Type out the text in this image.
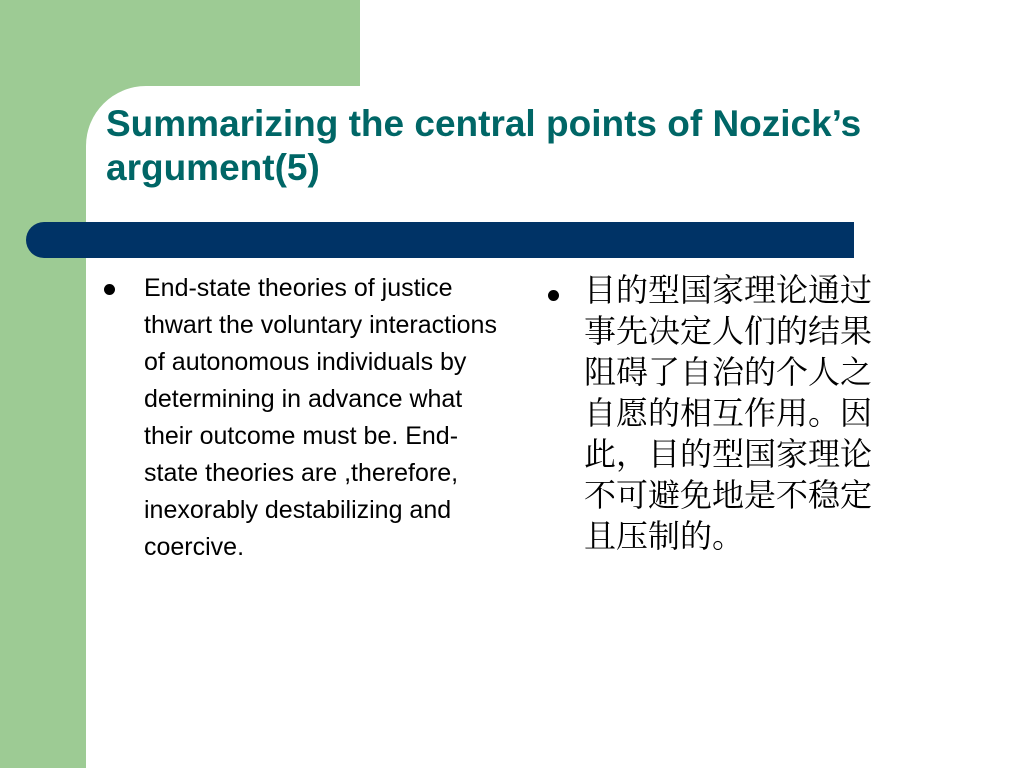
Summarizing the central points of Nozick’s argument(5)
End-state theories of justice thwart the voluntary interactions of autonomous individuals by determining in advance what their outcome must be. End-state theories are ,therefore, inexorably destabilizing and coercive.
目的型国家理论通过
事先决定人们的结果
阻碍了自治的个人之
自愿的相互作用。因
此，目的型国家理论
不可避免地是不稳定
且压制的。
